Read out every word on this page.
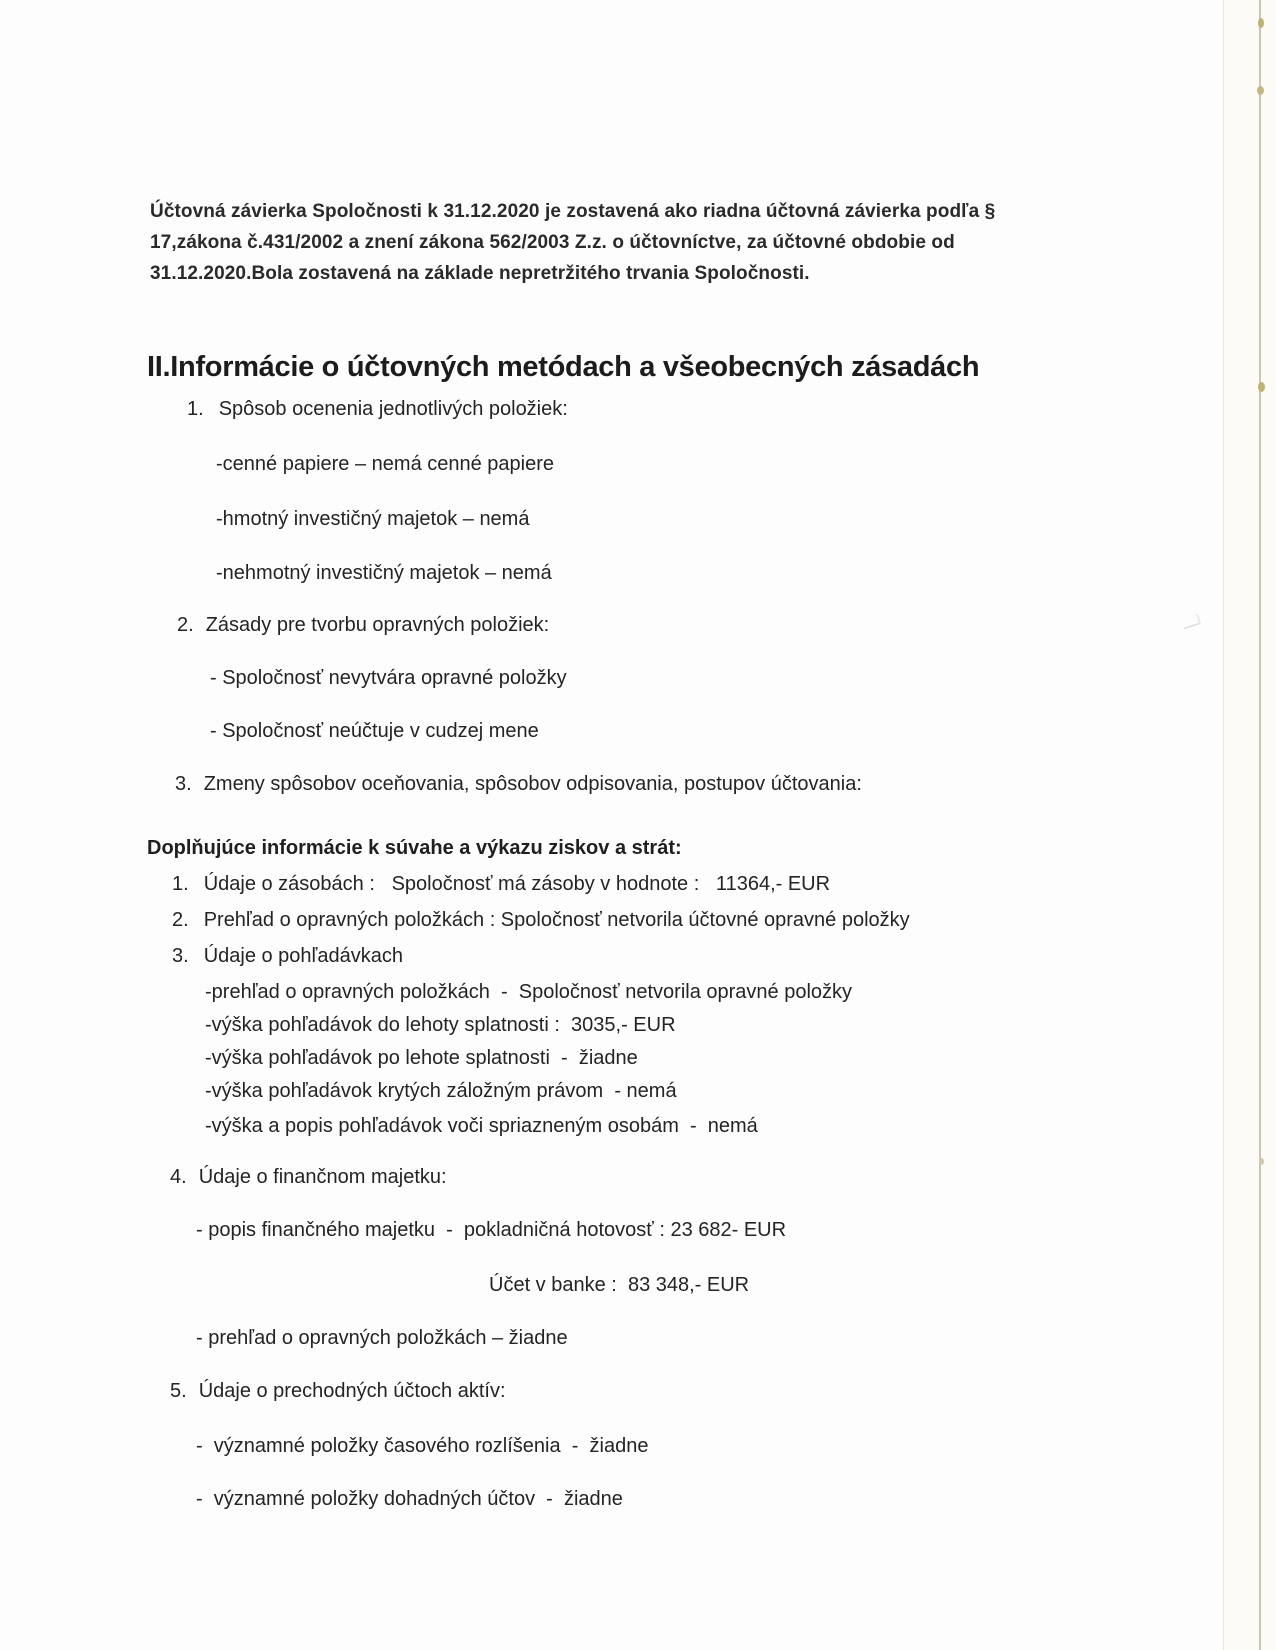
Účtovná závierka Spoločnosti k 31.12.2020 je zostavená ako riadna účtovná závierka podľa § 17,zákona č.431/2002 a znení zákona 562/2003 Z.z. o účtovníctve, za účtovné obdobie od 31.12.2020.Bola zostavená na základe nepretržitého trvania Spoločnosti.

II.Informácie o účtovných metódach a všeobecných zásadách
1. Spôsob ocenenia jednotlivých položiek:
-cenné papiere – nemá cenné papiere
-hmotný investičný majetok – nemá
-nehmotný investičný majetok – nemá
2. Zásady pre tvorbu opravných položiek:
- Spoločnosť nevytvára opravné položky
- Spoločnosť neúčtuje v cudzej mene
3. Zmeny spôsobov oceňovania, spôsobov odpisovania, postupov účtovania:
Doplňujúce informácie k súvahe a výkazu ziskov a strát:
1. Údaje o zásobách :   Spoločnosť má zásoby v hodnote :   11364,- EUR
2. Prehľad o opravných položkách : Spoločnosť netvorila účtovné opravné položky
3. Údaje o pohľadávkach
-prehľad o opravných položkách  -  Spoločnosť netvorila opravné položky
-výška pohľadávok do lehoty splatnosti :  3035,- EUR
-výška pohľadávok po lehote splatnosti  -  žiadne
-výška pohľadávok krytých záložným právom  - nemá
-výška a popis pohľadávok voči spriazneným osobám  -  nemá
4. Údaje o finančnom majetku:
- popis finančného majetku  -  pokladničná hotovosť : 23 682- EUR
Účet v banke :  83 348,- EUR
- prehľad o opravných položkách – žiadne
5. Údaje o prechodných účtoch aktív:
-  významné položky časového rozlíšenia  -  žiadne
-  významné položky dohadných účtov  -  žiadne
